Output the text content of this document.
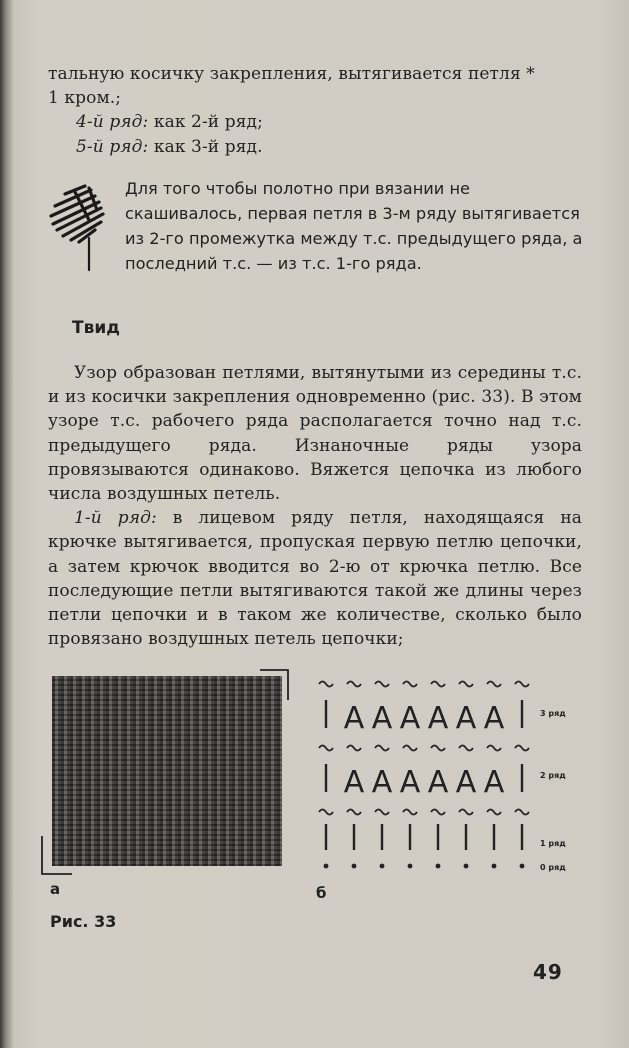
тальную косичку закрепления, вытягивается петля *

1 кром.;

4-й ряд: как 2-й ряд;

5-й ряд: как 3-й ряд.

Для того чтобы полотно при вязании не скашивалось, первая петля в 3-м ряду вытягивается из 2-го промежутка между т.с. предыдущего ряда, а последний т.с. — из т.с. 1-го ряда.

Твид

Узор образован петлями, вытянутыми из середины т.с. и из косички закрепления одновременно (рис. 33). В этом узоре т.с. рабочего ряда располагается точно над т.с. предыдущего ряда. Изнаночные ряды узора провязываются одинаково. Вяжется цепочка из любого числа воздушных петель.

1-й ряд: в лицевом ряду петля, находящаяся на крючке вытягивается, пропуская первую петлю цепочки, а затем крючок вводится во 2-ю от крючка петлю. Все последующие петли вытягиваются такой же длины через петли цепочки и в таком же количестве, сколько было провязано воздушных петель цепочки;

а
A A A A A A	3 ряд
A A A A A A	2 ряд
1 ряд
0 ряд
б
Рис. 33
49
